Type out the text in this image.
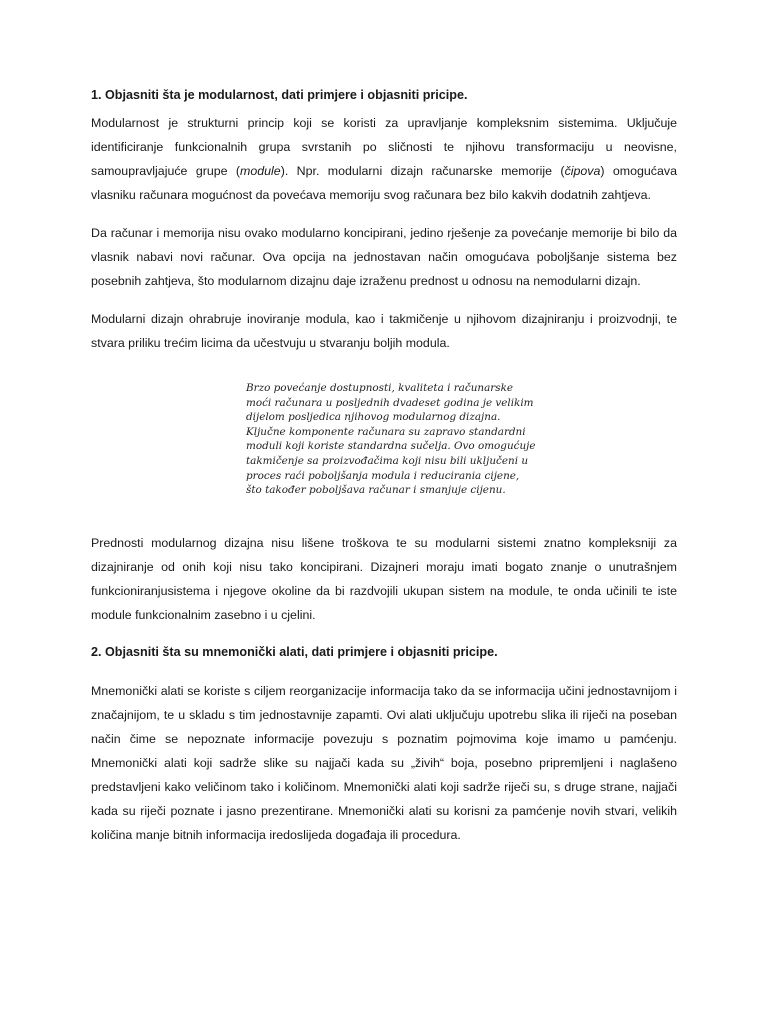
1. Objasniti šta je modularnost, dati primjere i objasniti pricipe.

Modularnost je strukturni princip koji se koristi za upravljanje kompleksnim sistemima. Uključuje identificiranje funkcionalnih grupa svrstanih po sličnosti te njihovu transformaciju u neovisne, samoupravljajuće grupe (module). Npr. modularni dizajn računarske memorije (čipova) omogućava vlasniku računara mogućnost da povećava memoriju svog računara bez bilo kakvih dodatnih zahtjeva.

Da računar i memorija nisu ovako modularno koncipirani, jedino rješenje za povećanje memorije bi bilo da vlasnik nabavi novi računar. Ova opcija na jednostavan način omogućava poboljšanje sistema bez posebnih zahtjeva, što modularnom dizajnu daje izraženu prednost u odnosu na nemodularni dizajn.

Modularni dizajn ohrabruje inoviranje modula, kao i takmičenje u njihovom dizajniranju i proizvodnji, te stvara priliku trećim licima da učestvuju u stvaranju boljih modula.

Brzo povećanje dostupnosti, kvaliteta i računarske moći računara u posljednih dvadeset godina je velikim dijelom posljedica njihovog modularnog dizajna. Ključne komponente računara su zapravo standardni moduli koji koriste standardna sučelja. Ovo omogućuje takmičenje sa proizvođačima koji nisu bili uključeni u proces raći poboljšanja modula i reducirania cijene, što također poboljšava računar i smanjuje cijenu.

Prednosti modularnog dizajna nisu lišene troškova te su modularni sistemi znatno kompleksniji za dizajniranje od onih koji nisu tako koncipirani. Dizajneri moraju imati bogato znanje o unutrašnjem funkcioniranjusistema i njegove okoline da bi razdvojili ukupan sistem na module, te onda učinili te iste module funkcionalnim zasebno i u cjelini.

2. Objasniti šta su mnemonički alati, dati primjere i objasniti pricipe.

Mnemonički alati se koriste s ciljem reorganizacije informacija tako da se informacija učini jednostavnijom i značajnijom, te u skladu s tim jednostavnije zapamti. Ovi alati uključuju upotrebu slika ili riječi na poseban način čime se nepoznate informacije povezuju s poznatim pojmovima koje imamo u pamćenju. Mnemonički alati koji sadrže slike su najjači kada su „živih“ boja, posebno pripremljeni i naglašeno predstavljeni kako veličinom tako i količinom. Mnemonički alati koji sadrže riječi su, s druge strane, najjači kada su riječi poznate i jasno prezentirane. Mnemonički alati su korisni za pamćenje novih stvari, velikih količina manje bitnih informacija iredoslijeda događaja ili procedura.
